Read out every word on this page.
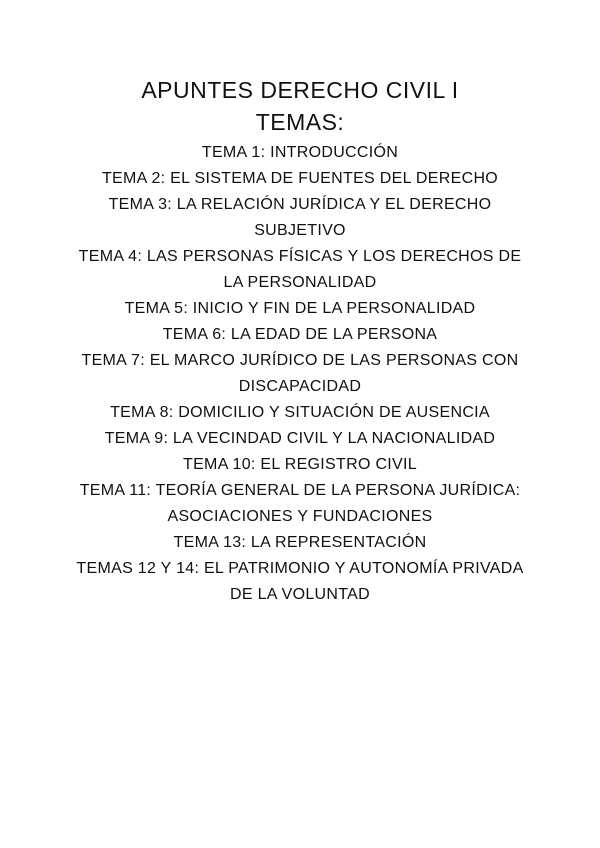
APUNTES DERECHO CIVIL I
TEMAS:
TEMA 1: INTRODUCCIÓN
TEMA 2: EL SISTEMA DE FUENTES DEL DERECHO
TEMA 3: LA RELACIÓN JURÍDICA Y EL DERECHO SUBJETIVO
TEMA 4: LAS PERSONAS FÍSICAS Y LOS DERECHOS DE LA PERSONALIDAD
TEMA 5: INICIO Y FIN DE LA PERSONALIDAD
TEMA 6: LA EDAD DE LA PERSONA
TEMA 7: EL MARCO JURÍDICO DE LAS PERSONAS CON DISCAPACIDAD
TEMA 8: DOMICILIO Y SITUACIÓN DE AUSENCIA
TEMA 9: LA VECINDAD CIVIL Y LA NACIONALIDAD
TEMA 10: EL REGISTRO CIVIL
TEMA 11: TEORÍA GENERAL DE LA PERSONA JURÍDICA: ASOCIACIONES Y FUNDACIONES
TEMA 13: LA REPRESENTACIÓN
TEMAS 12 Y 14: EL PATRIMONIO Y AUTONOMÍA PRIVADA DE LA VOLUNTAD
